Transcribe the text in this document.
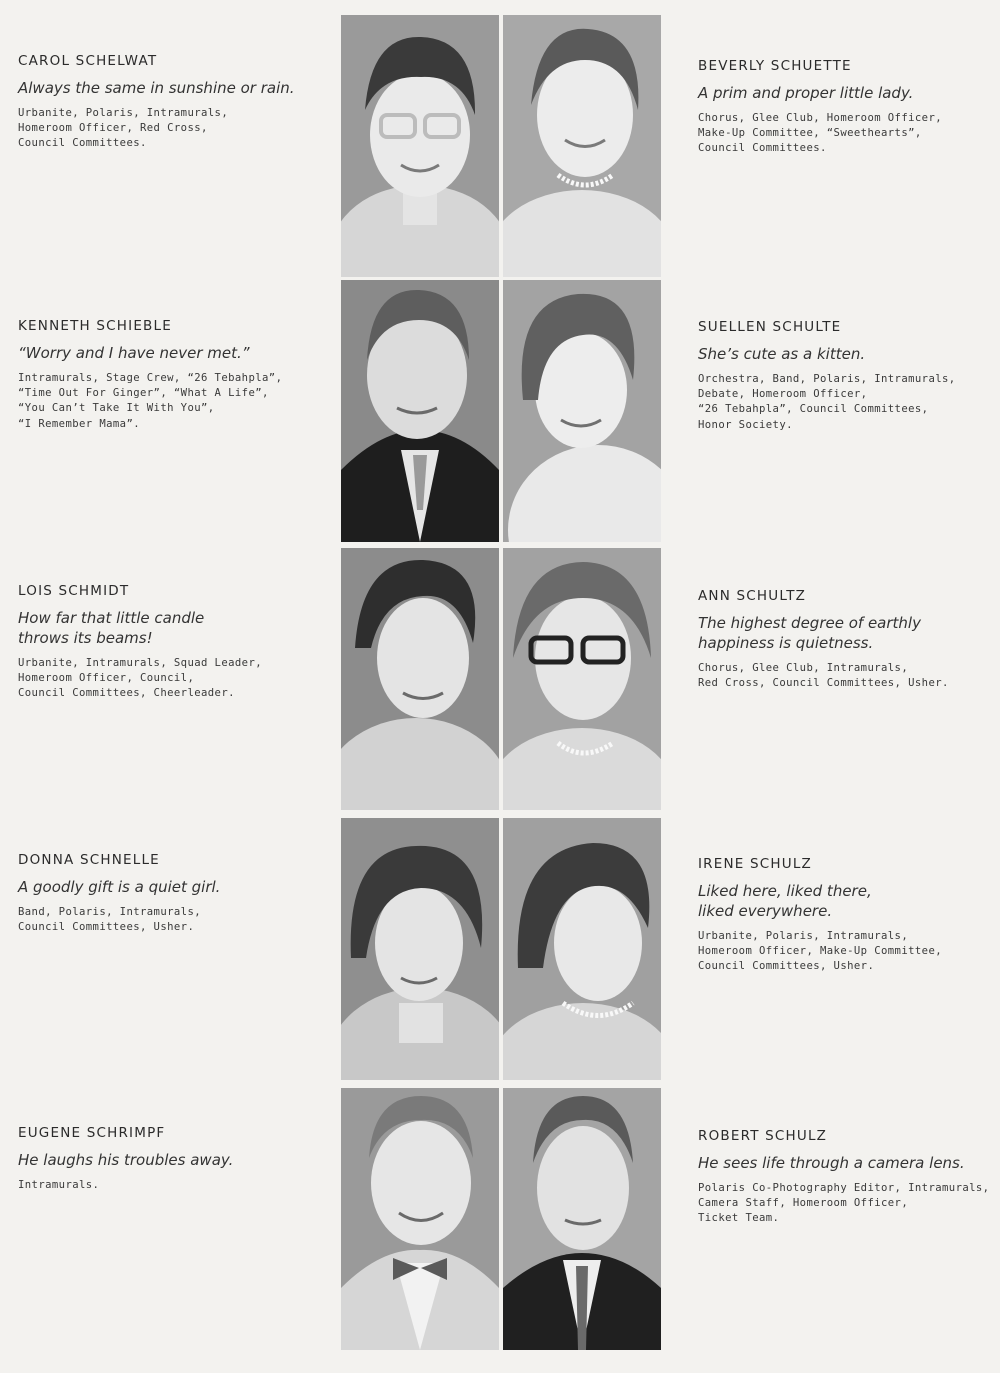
CAROL SCHELWAT
Always the same in sunshine or rain.
Urbanite, Polaris, Intramurals,
Homeroom Officer, Red Cross,
Council Committees.
BEVERLY SCHUETTE
A prim and proper little lady.
Chorus, Glee Club, Homeroom Officer,
Make-Up Committee, “Sweethearts”,
Council Committees.
KENNETH SCHIEBLE
“Worry and I have never met.”
Intramurals, Stage Crew, “26 Tebahpla”,
“Time Out For Ginger”, “What A Life”,
“You Can’t Take It With You”,
“I Remember Mama”.
SUELLEN SCHULTE
She’s cute as a kitten.
Orchestra, Band, Polaris, Intramurals,
Debate, Homeroom Officer,
“26 Tebahpla”, Council Committees,
Honor Society.
LOIS SCHMIDT
How far that little candle
throws its beams!
Urbanite, Intramurals, Squad Leader,
Homeroom Officer, Council,
Council Committees, Cheerleader.
ANN SCHULTZ
The highest degree of earthly
happiness is quietness.
Chorus, Glee Club, Intramurals,
Red Cross, Council Committees, Usher.
DONNA SCHNELLE
A goodly gift is a quiet girl.
Band, Polaris, Intramurals,
Council Committees, Usher.
IRENE SCHULZ
Liked here, liked there,
liked everywhere.
Urbanite, Polaris, Intramurals,
Homeroom Officer, Make-Up Committee,
Council Committees, Usher.
EUGENE SCHRIMPF
He laughs his troubles away.
Intramurals.
ROBERT SCHULZ
He sees life through a camera lens.
Polaris Co-Photography Editor, Intramurals,
Camera Staff, Homeroom Officer,
Ticket Team.
